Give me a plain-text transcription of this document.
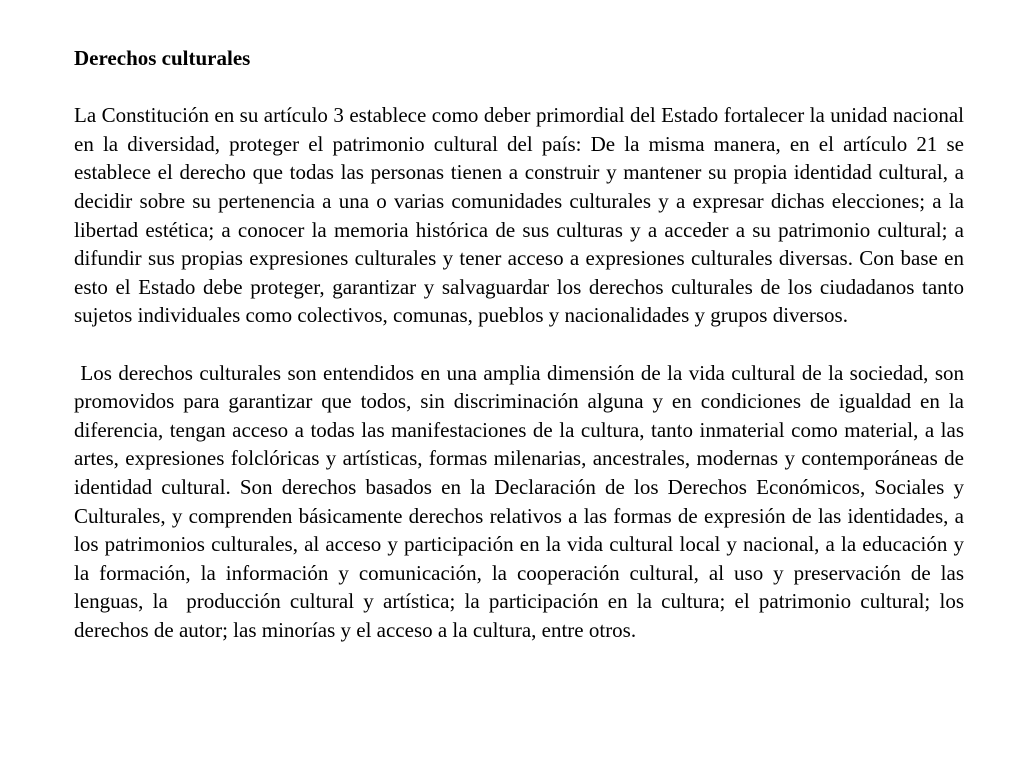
Derechos culturales

La Constitución en su artículo 3 establece como deber primordial del Estado fortalecer la unidad nacional en la diversidad, proteger el patrimonio cultural del país: De la misma manera, en el artículo 21 se establece el derecho que todas las personas tienen a construir y mantener su propia identidad cultural, a decidir sobre su pertenencia a una o varias comunidades culturales y a expresar dichas elecciones; a la libertad estética; a conocer la memoria histórica de sus culturas y a acceder a su patrimonio cultural; a difundir sus propias expresiones culturales y tener acceso a expresiones culturales diversas. Con base en esto el Estado debe proteger, garantizar y salvaguardar los derechos culturales de los ciudadanos tanto sujetos individuales como colectivos, comunas, pueblos y nacionalidades y grupos diversos.

Los derechos culturales son entendidos en una amplia dimensión de la vida cultural de la sociedad, son promovidos para garantizar que todos, sin discriminación alguna y en condiciones de igualdad en la diferencia, tengan acceso a todas las manifestaciones de la cultura, tanto inmaterial como material, a las artes, expresiones folclóricas y artísticas, formas milenarias, ancestrales, modernas y contemporáneas de identidad cultural. Son derechos basados en la Declaración de los Derechos Económicos, Sociales y Culturales, y comprenden básicamente derechos relativos a las formas de expresión de las identidades, a los patrimonios culturales, al acceso y participación en la vida cultural local y nacional, a la educación y la formación, la información y comunicación, la cooperación cultural, al uso y preservación de las lenguas, la  producción cultural y artística; la participación en la cultura; el patrimonio cultural; los derechos de autor; las minorías y el acceso a la cultura, entre otros.
